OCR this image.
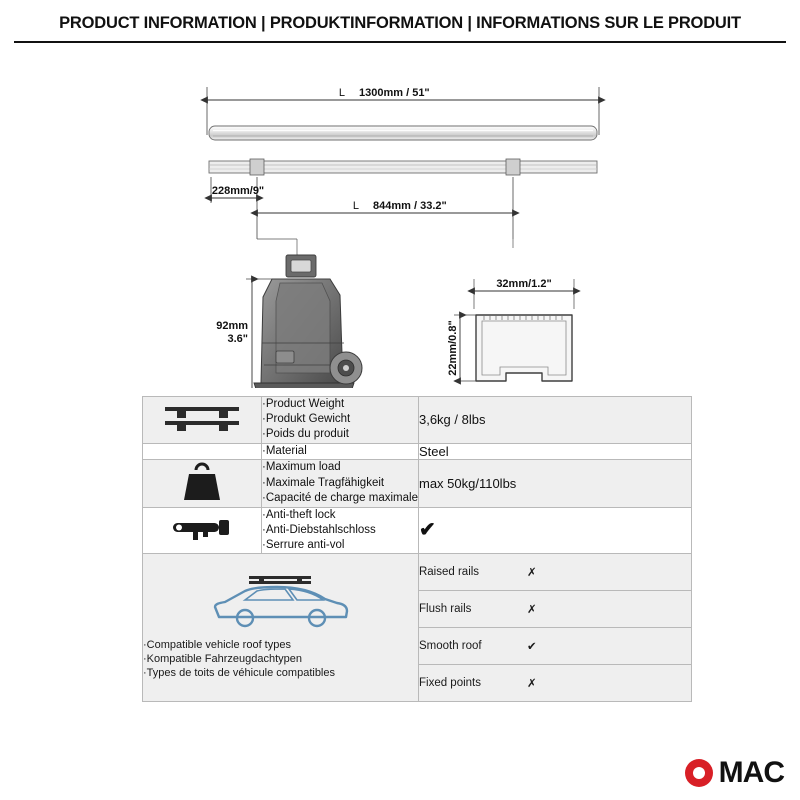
PRODUCT INFORMATION | PRODUKTINFORMATION | INFORMATIONS SUR LE PRODUIT
L 1300mm / 51"
228mm/9"
L 844mm / 33.2"
92mm
3.6"
32mm/1.2"
22mm/0.8"

·Product Weight
·Produkt Gewicht
·Poids du produit
	3,6kg / 8lbs

·Material	Steel

·Maximum load
·Maximale Tragfähigkeit
·Capacité de charge maximale
	max 50kg/110lbs

·Anti-theft lock
·Anti-Diebstahlschloss
·Serrure anti-vol
	✔

·Compatible vehicle roof types
·Kompatible Fahrzeugdachtypen
·Types de toits de véhicule compatibles

Raised rails	✗
Flush rails	✗
Smooth roof	✔
Fixed points	✗
MAC
